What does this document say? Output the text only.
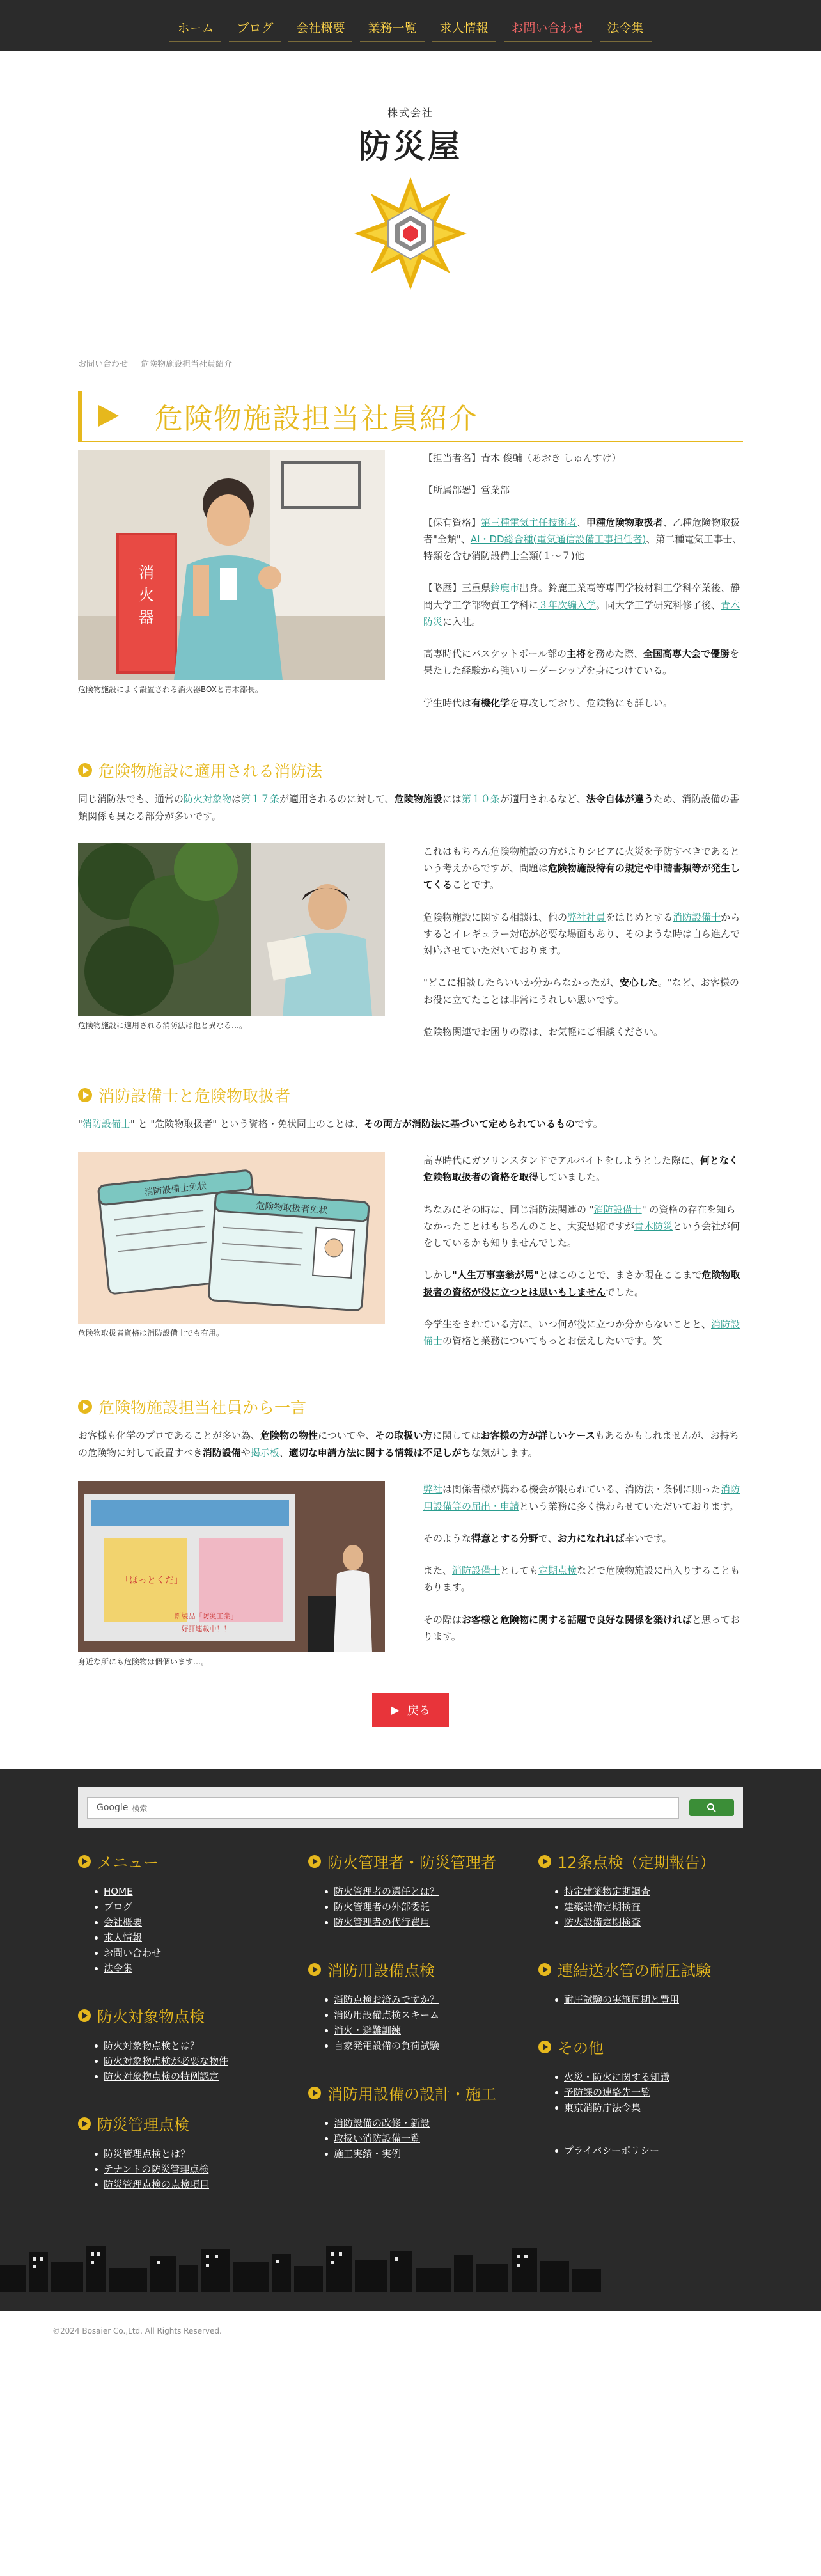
ホーム	ブログ	会社概要	業務一覧	求人情報	お問い合わせ	法令集
株式会社
防災屋
お問い合わせ 危険物施設担当社員紹介
危険物施設担当社員紹介
消
火
器
危険物施設によく設置される消火器BOXと青木部長。

【担当者名】青木 俊輔（あおき しゅんすけ）

【所属部署】営業部

【保有資格】第三種電気主任技術者、甲種危険物取扱者、乙種危険物取扱者"全類"、AI・DD総合種(電気通信設備工事担任者)、第二種電気工事士、特類を含む消防設備士全類(１～７)他

【略歴】三重県鈴鹿市出身。鈴鹿工業高等専門学校材料工学科卒業後、静岡大学工学部物質工学科に３年次編入学。同大学工学研究科修了後、青木防災に入社。

高専時代にバスケットボール部の主将を務めた際、全国高専大会で優勝を果たした経験から強いリーダーシップを身につけている。

学生時代は有機化学を専攻しており、危険物にも詳しい。

危険物施設に適用される消防法
同じ消防法でも、通常の防火対象物は第１７条が適用されるのに対して、危険物施設には第１０条が適用されるなど、法令自体が違うため、消防設備の書類関係も異なる部分が多いです。
危険物施設に適用される消防法は他と異なる…。

これはもちろん危険物施設の方がよりシビアに火災を予防すべきであるという考えからですが、問題は危険物施設特有の規定や申請書類等が発生してくることです。

危険物施設に関する相談は、他の弊社社員をはじめとする消防設備士からするとイレギュラー対応が必要な場面もあり、そのような時は自ら進んで対応させていただいております。

"どこに相談したらいいか分からなかったが、安心した。"など、お客様のお役に立てたことは非常にうれしい思いです。

危険物関連でお困りの際は、お気軽にご相談ください。

消防設備士と危険物取扱者
"消防設備士" と "危険物取扱者" という資格・免状同士のことは、その両方が消防法に基づいて定められているものです。
消防設備士免状
危険物取扱者免状
危険物取扱者資格は消防設備士でも有用。

高専時代にガソリンスタンドでアルバイトをしようとした際に、何となく危険物取扱者の資格を取得していました。

ちなみにその時は、同じ消防法関連の "消防設備士" の資格の存在を知らなかったことはもちろんのこと、大変恐縮ですが青木防災という会社が何をしているかも知りませんでした。

しかし"人生万事塞翁が馬"とはこのことで、まさか現在ここまで危険物取扱者の資格が役に立つとは思いもしませんでした。

今学生をされている方に、いつ何が役に立つか分からないことと、消防設備士の資格と業務についてもっとお伝えしたいです。笑

危険物施設担当社員から一言
お客様も化学のプロであることが多い為、危険物の物性についてや、その取扱い方に関してはお客様の方が詳しいケースもあるかもしれませんが、お持ちの危険物に対して設置すべき消防設備や掲示板、適切な申請方法に関する情報は不足しがちな気がします。
「ほっとくだ」
新製品「防災工業」
好評連載中！！
身近な所にも危険物は個個います…。

弊社は関係者様が携わる機会が限られている、消防法・条例に則った消防用設備等の届出・申請という業務に多く携わらせていただいております。

そのような得意とする分野で、お力になれれば幸いです。

また、消防設備士としても定期点検などで危険物施設に出入りすることもあります。

その際はお客様と危険物に関する話題で良好な関係を築ければと思っております。

▶ 戻る
Google 検索
メニュー
HOME
ブログ
会社概要
求人情報
お問い合わせ
法令集
防火対象物点検
防火対象物点検とは？
防火対象物点検が必要な物件
防火対象物点検の特例認定
防災管理点検
防災管理点検とは？
テナントの防災管理点検
防災管理点検の点検項目
防火管理者・防災管理者
防火管理者の選任とは？
防火管理者の外部委託
防火管理者の代行費用
消防用設備点検
消防点検お済みですか？
消防用設備点検スキーム
消火・避難訓練
自家発電設備の負荷試験
消防用設備の設計・施工
消防設備の改修・新設
取扱い消防設備一覧
施工実績・実例
12条点検（定期報告）
特定建築物定期調査
建築設備定期検査
防火設備定期検査
連結送水管の耐圧試験
耐圧試験の実施周期と費用
その他
火災・防火に関する知識
予防課の連絡先一覧
東京消防庁法令集
プライバシーポリシー
©2024 Bosaier Co.,Ltd. All Rights Reserved.
